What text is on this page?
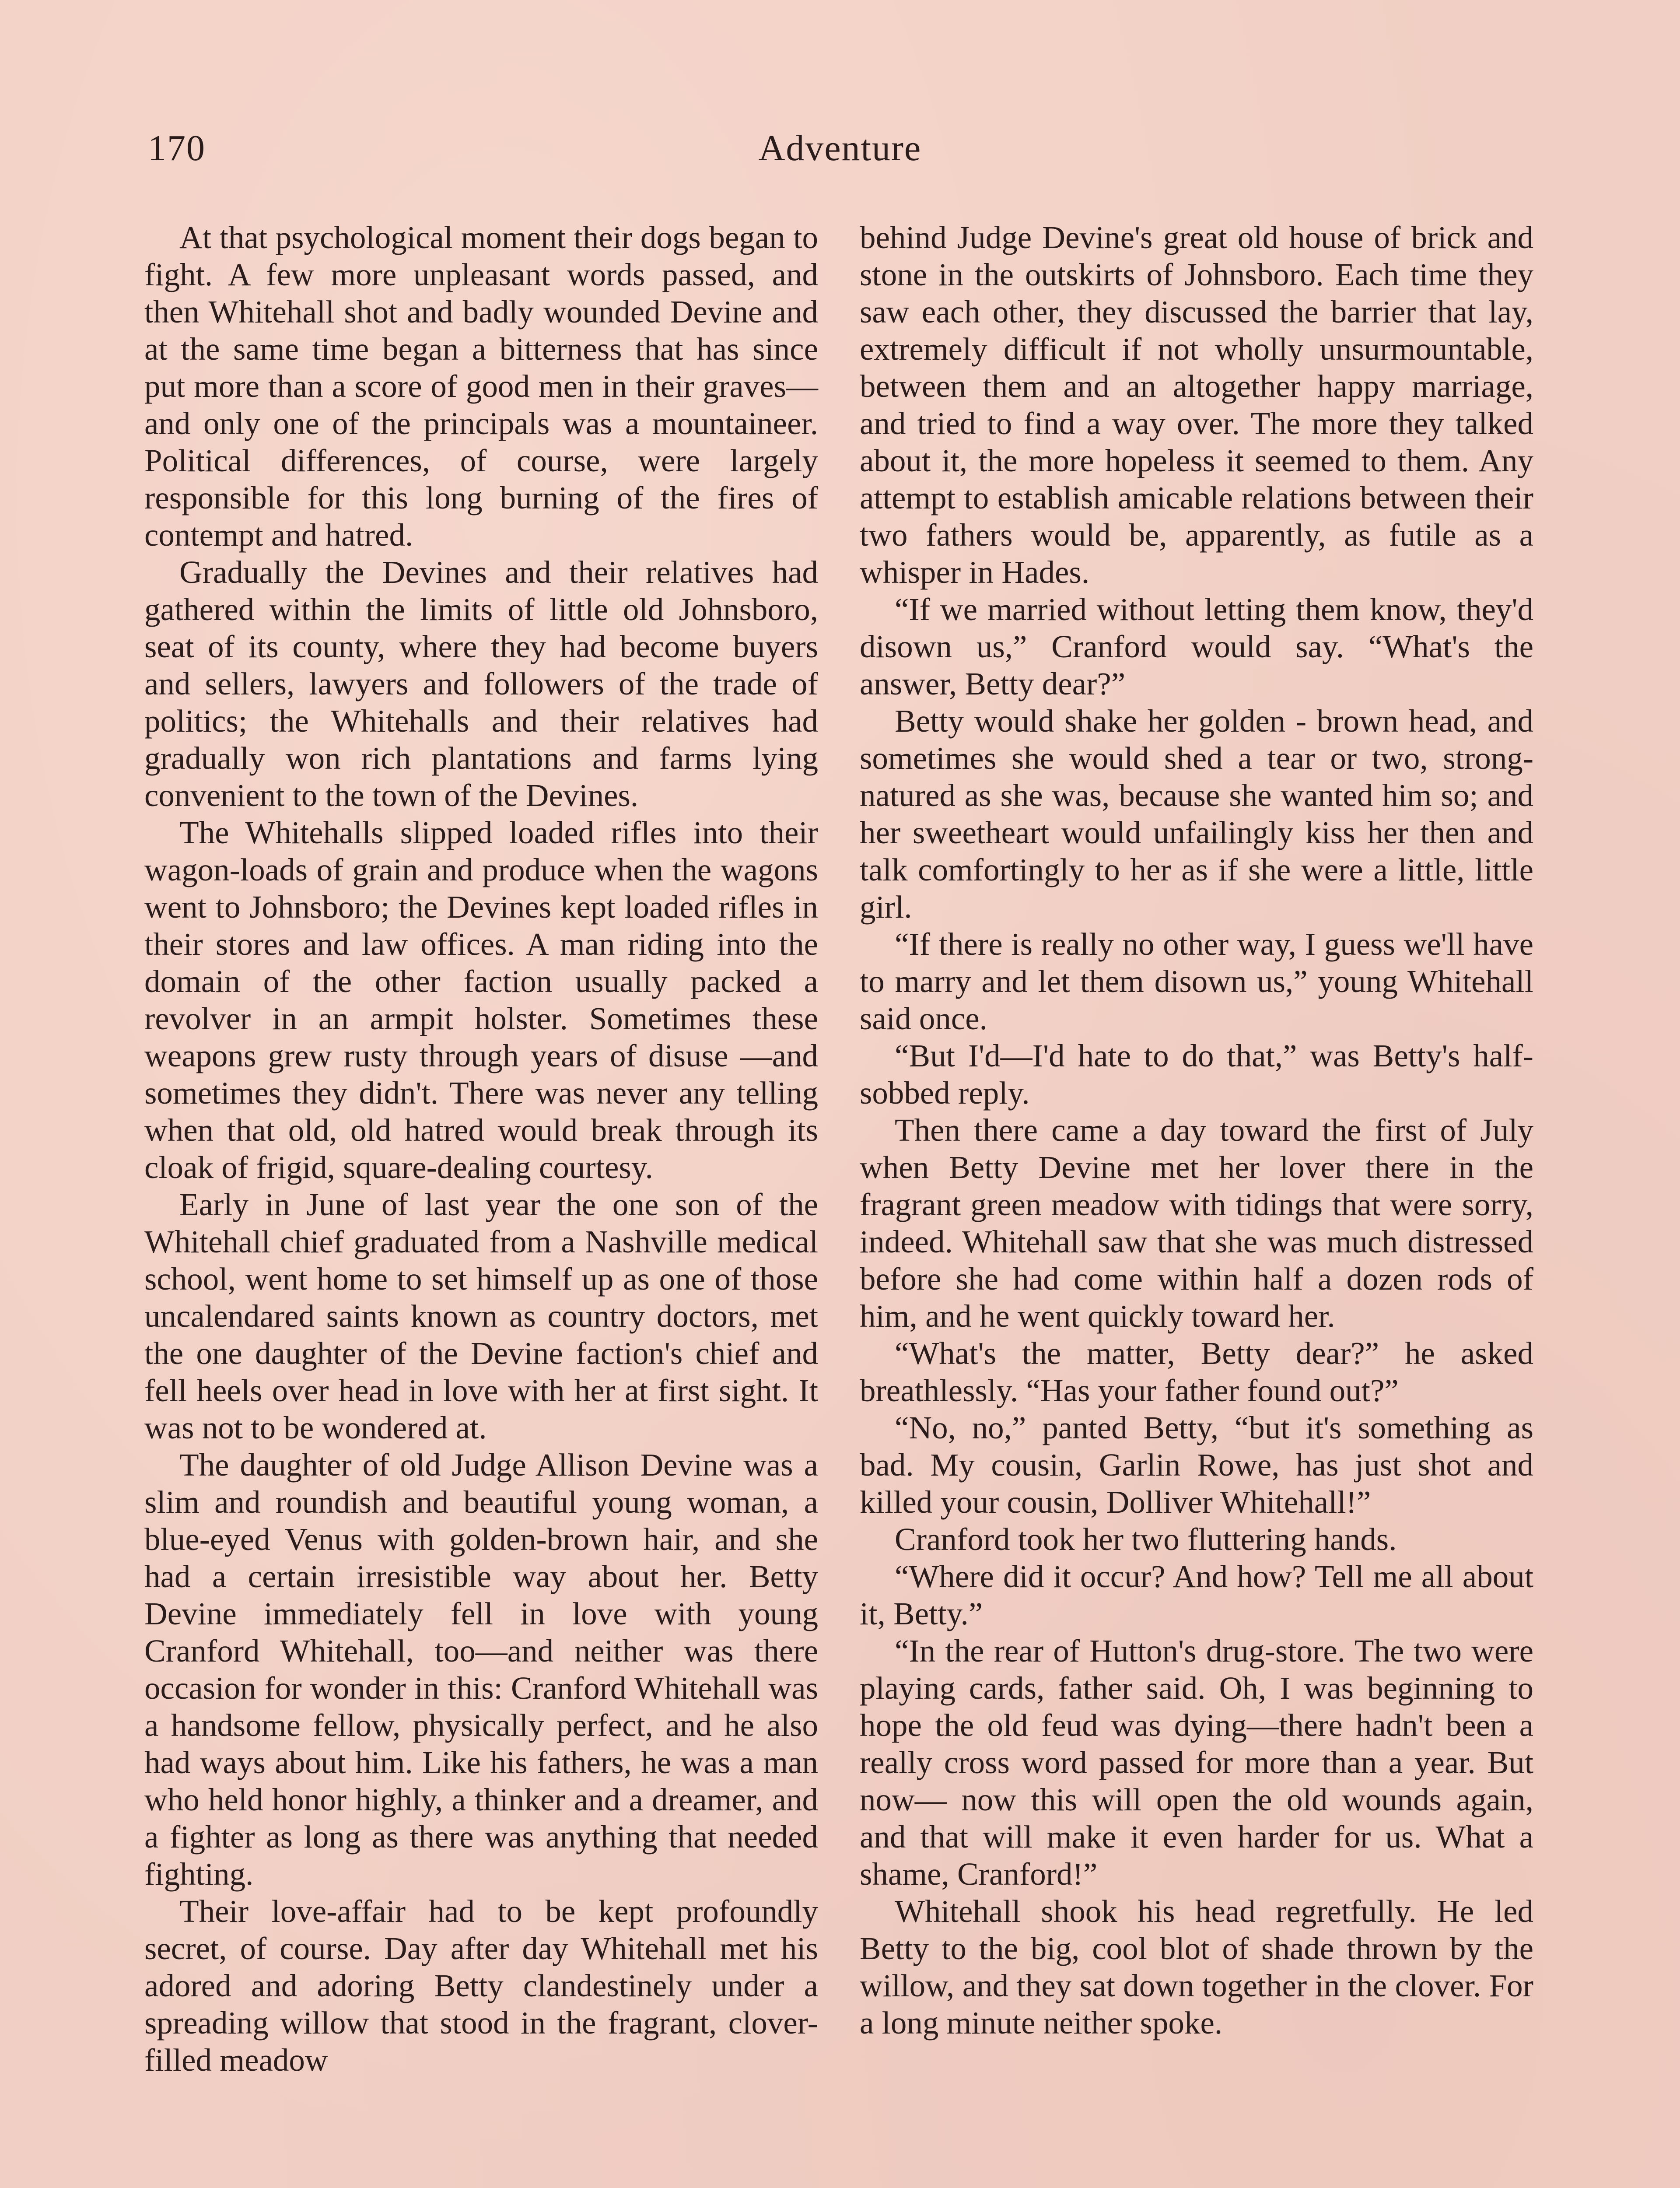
170	Adventure

At that psychological moment their dogs began to fight. A few more unpleasant words passed, and then Whitehall shot and badly wounded Devine and at the same time began a bitterness that has since put more than a score of good men in their graves—and only one of the principals was a mountaineer. Political differences, of course, were largely responsible for this long burning of the fires of contempt and hatred.

Gradually the Devines and their relatives had gathered within the limits of little old Johnsboro, seat of its county, where they had become buyers and sellers, lawyers and followers of the trade of politics; the Whitehalls and their relatives had gradually won rich plantations and farms lying convenient to the town of the Devines.

The Whitehalls slipped loaded rifles into their wagon-loads of grain and produce when the wagons went to Johnsboro; the Devines kept loaded rifles in their stores and law offices. A man riding into the domain of the other faction usually packed a revolver in an armpit holster. Sometimes these weapons grew rusty through years of disuse —and sometimes they didn't. There was never any telling when that old, old hatred would break through its cloak of frigid, square-dealing courtesy.

Early in June of last year the one son of the Whitehall chief graduated from a Nashville medical school, went home to set himself up as one of those uncalendared saints known as country doctors, met the one daughter of the Devine faction's chief and fell heels over head in love with her at first sight. It was not to be wondered at.

The daughter of old Judge Allison Devine was a slim and roundish and beautiful young woman, a blue-eyed Venus with golden-brown hair, and she had a certain irresistible way about her. Betty Devine immediately fell in love with young Cranford Whitehall, too—and neither was there occasion for wonder in this: Cranford Whitehall was a handsome fellow, physically perfect, and he also had ways about him. Like his fathers, he was a man who held honor highly, a thinker and a dreamer, and a fighter as long as there was anything that needed fighting.

Their love-affair had to be kept profoundly secret, of course. Day after day Whitehall met his adored and adoring Betty clandestinely under a spreading willow that stood in the fragrant, clover-filled meadow

behind Judge Devine's great old house of brick and stone in the outskirts of Johnsboro. Each time they saw each other, they discussed the barrier that lay, extremely difficult if not wholly unsurmountable, between them and an altogether happy marriage, and tried to find a way over. The more they talked about it, the more hopeless it seemed to them. Any attempt to establish amicable relations between their two fathers would be, apparently, as futile as a whisper in Hades.

“If we married without letting them know, they'd disown us,” Cranford would say. “What's the answer, Betty dear?”

Betty would shake her golden - brown head, and sometimes she would shed a tear or two, strong-natured as she was, because she wanted him so; and her sweetheart would unfailingly kiss her then and talk comfortingly to her as if she were a little, little girl.

“If there is really no other way, I guess we'll have to marry and let them disown us,” young Whitehall said once.

“But I'd—I'd hate to do that,” was Betty's half-sobbed reply.

Then there came a day toward the first of July when Betty Devine met her lover there in the fragrant green meadow with tidings that were sorry, indeed. Whitehall saw that she was much distressed before she had come within half a dozen rods of him, and he went quickly toward her.

“What's the matter, Betty dear?” he asked breathlessly. “Has your father found out?”

“No, no,” panted Betty, “but it's something as bad. My cousin, Garlin Rowe, has just shot and killed your cousin, Dolliver Whitehall!”

Cranford took her two fluttering hands.

“Where did it occur? And how? Tell me all about it, Betty.”

“In the rear of Hutton's drug-store. The two were playing cards, father said. Oh, I was beginning to hope the old feud was dying—there hadn't been a really cross word passed for more than a year. But now— now this will open the old wounds again, and that will make it even harder for us. What a shame, Cranford!”

Whitehall shook his head regretfully. He led Betty to the big, cool blot of shade thrown by the willow, and they sat down together in the clover. For a long minute neither spoke.
